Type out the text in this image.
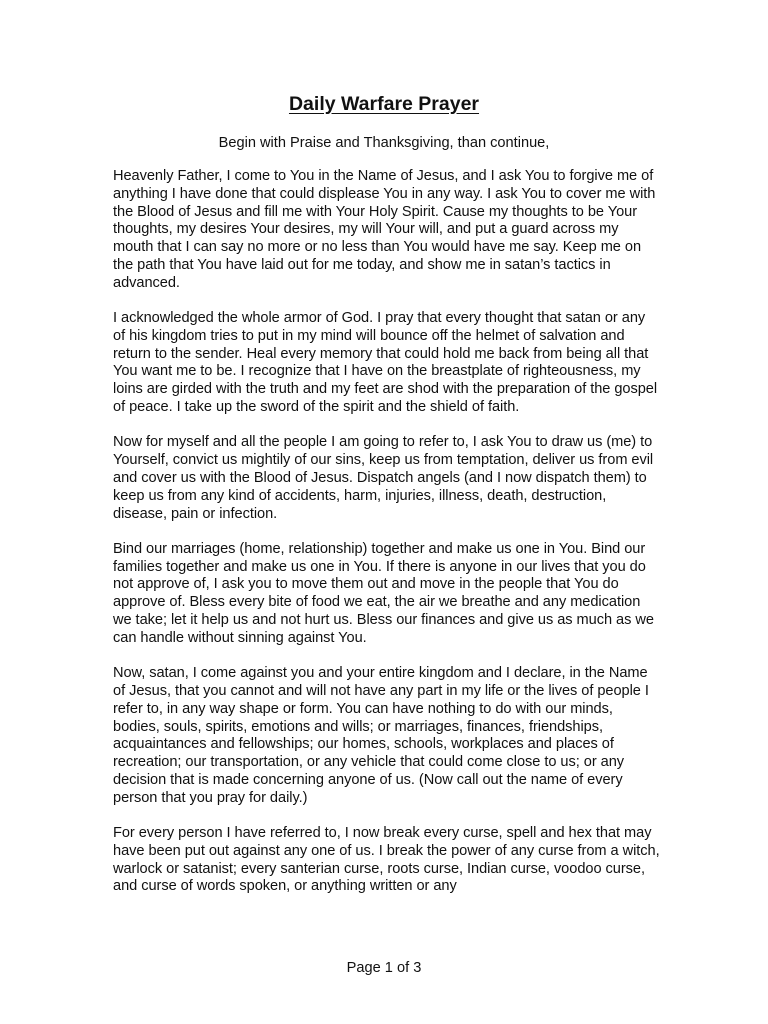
Daily Warfare Prayer

Begin with Praise and Thanksgiving, than continue,

Heavenly Father, I come to You in the Name of Jesus, and I ask You to forgive me of anything I have done that could displease You in any way. I ask You to cover me with the Blood of Jesus and fill me with Your Holy Spirit. Cause my thoughts to be Your thoughts, my desires Your desires, my will Your will, and put a guard across my mouth that I can say no more or no less than You would have me say. Keep me on the path that You have laid out for me today, and show me in satan’s tactics in advanced.

I acknowledged the whole armor of God. I pray that every thought that satan or any of his kingdom tries to put in my mind will bounce off the helmet of salvation and return to the sender. Heal every memory that could hold me back from being all that You want me to be. I recognize that I have on the breastplate of righteousness, my loins are girded with the truth and my feet are shod with the preparation of the gospel of peace. I take up the sword of the spirit and the shield of faith.

Now for myself and all the people I am going to refer to, I ask You to draw us (me) to Yourself, convict us mightily of our sins, keep us from temptation, deliver us from evil and cover us with the Blood of Jesus. Dispatch angels (and I now dispatch them) to keep us from any kind of accidents, harm, injuries, illness, death, destruction, disease, pain or infection.

Bind our marriages (home, relationship) together and make us one in You. Bind our families together and make us one in You. If there is anyone in our lives that you do not approve of, I ask you to move them out and move in the people that You do approve of. Bless every bite of food we eat, the air we breathe and any medication we take; let it help us and not hurt us. Bless our finances and give us as much as we can handle without sinning against You.

Now, satan, I come against you and your entire kingdom and I declare, in the Name of Jesus, that you cannot and will not have any part in my life or the lives of people I refer to, in any way shape or form. You can have nothing to do with our minds, bodies, souls, spirits, emotions and wills; or marriages, finances, friendships, acquaintances and fellowships; our homes, schools, workplaces and places of recreation; our transportation, or any vehicle that could come close to us; or any decision that is made concerning anyone of us. (Now call out the name of every person that you pray for daily.)

For every person I have referred to, I now break every curse, spell and hex that may have been put out against any one of us. I break the power of any curse from a witch, warlock or satanist; every santerian curse, roots curse, Indian curse, voodoo curse, and curse of words spoken, or anything written or any

Page 1 of 3
